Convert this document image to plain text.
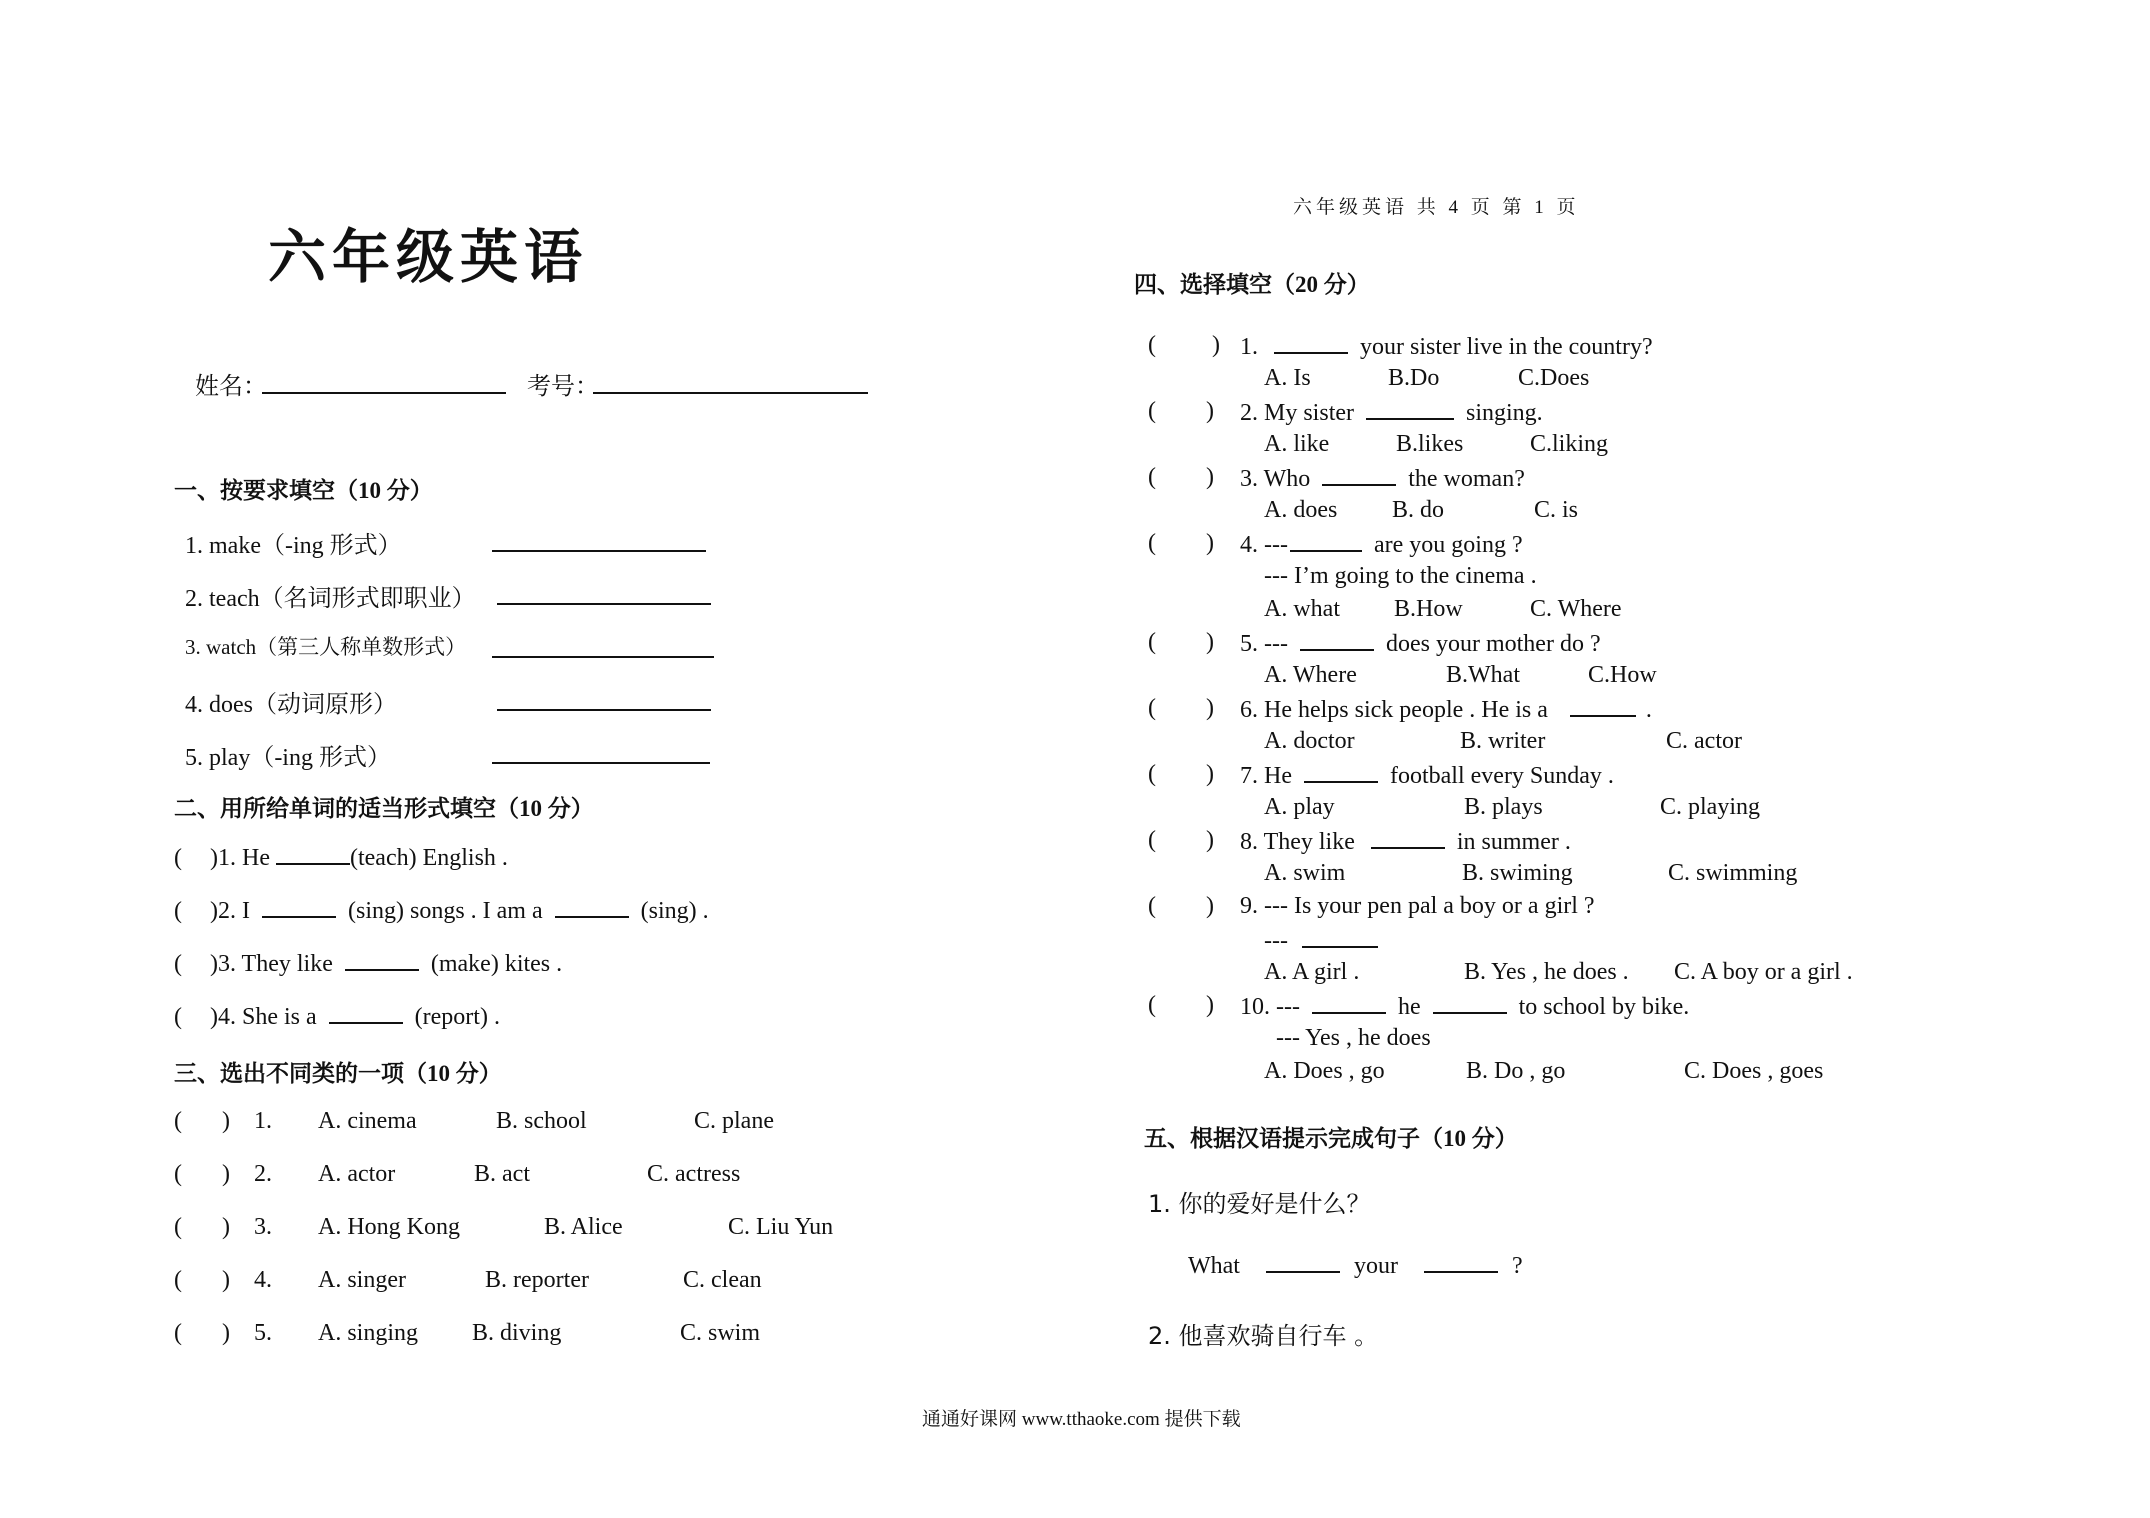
六年级英语 共 4 页 第 1 页
六年级英语
姓名：	考号：
一、按要求填空（10 分）
1. make（-ing 形式）
2. teach（名词形式即职业）
3. watch（第三人称单数形式）
4. does（动词原形）
5. play（-ing 形式）
二、用所给单词的适当形式填空（10 分）
( )1. He	(teach) English .
( )2. I	(sing) songs . I am a	(sing) .
( )3. They like	(make) kites .
( )4. She is a	(report) .
三、选出不同类的一项（10 分）
( ) 1. A. cinema	B. school	C. plane
( ) 2. A. actor	B. act	C. actress
( ) 3. A. Hong Kong	B. Alice	C. Liu Yun
( ) 4. A. singer	B. reporter	C. clean
( ) 5. A. singing B. diving	C. swim
四、选择填空（20 分）
( ) 1.	your sister live in the country?
A. Is	B.Do	C.Does
( ) 2. My sister	singing.
A. like	B.likes	C.liking
( ) 3. Who	the woman?
A. does B. do	C. is
( ) 4. ---	are you going ?
--- I’m going to the cinema .
A. what B.How	C. Where
( ) 5. ---	does your mother do ?
A. Where	B.What	C.How
( ) 6. He helps sick people . He is a	.
A. doctor	B. writer	C. actor
( ) 7. He	football every Sunday .
A. play	B. plays	C. playing
( ) 8. They like	in summer .
A. swim	B. swiming	C. swimming
( ) 9. --- Is your pen pal a boy or a girl ?
---
A. A girl .	B. Yes , he does . C. A boy or a girl .
( ) 10. ---	he	to school by bike.
--- Yes , he does
A. Does , go	B. Do , go	C. Does , goes
五、根据汉语提示完成句子（10 分）
1. 你的爱好是什么？
What	your	?
2. 他喜欢骑自行车 。
通通好课网 www.tthaoke.com 提供下载
